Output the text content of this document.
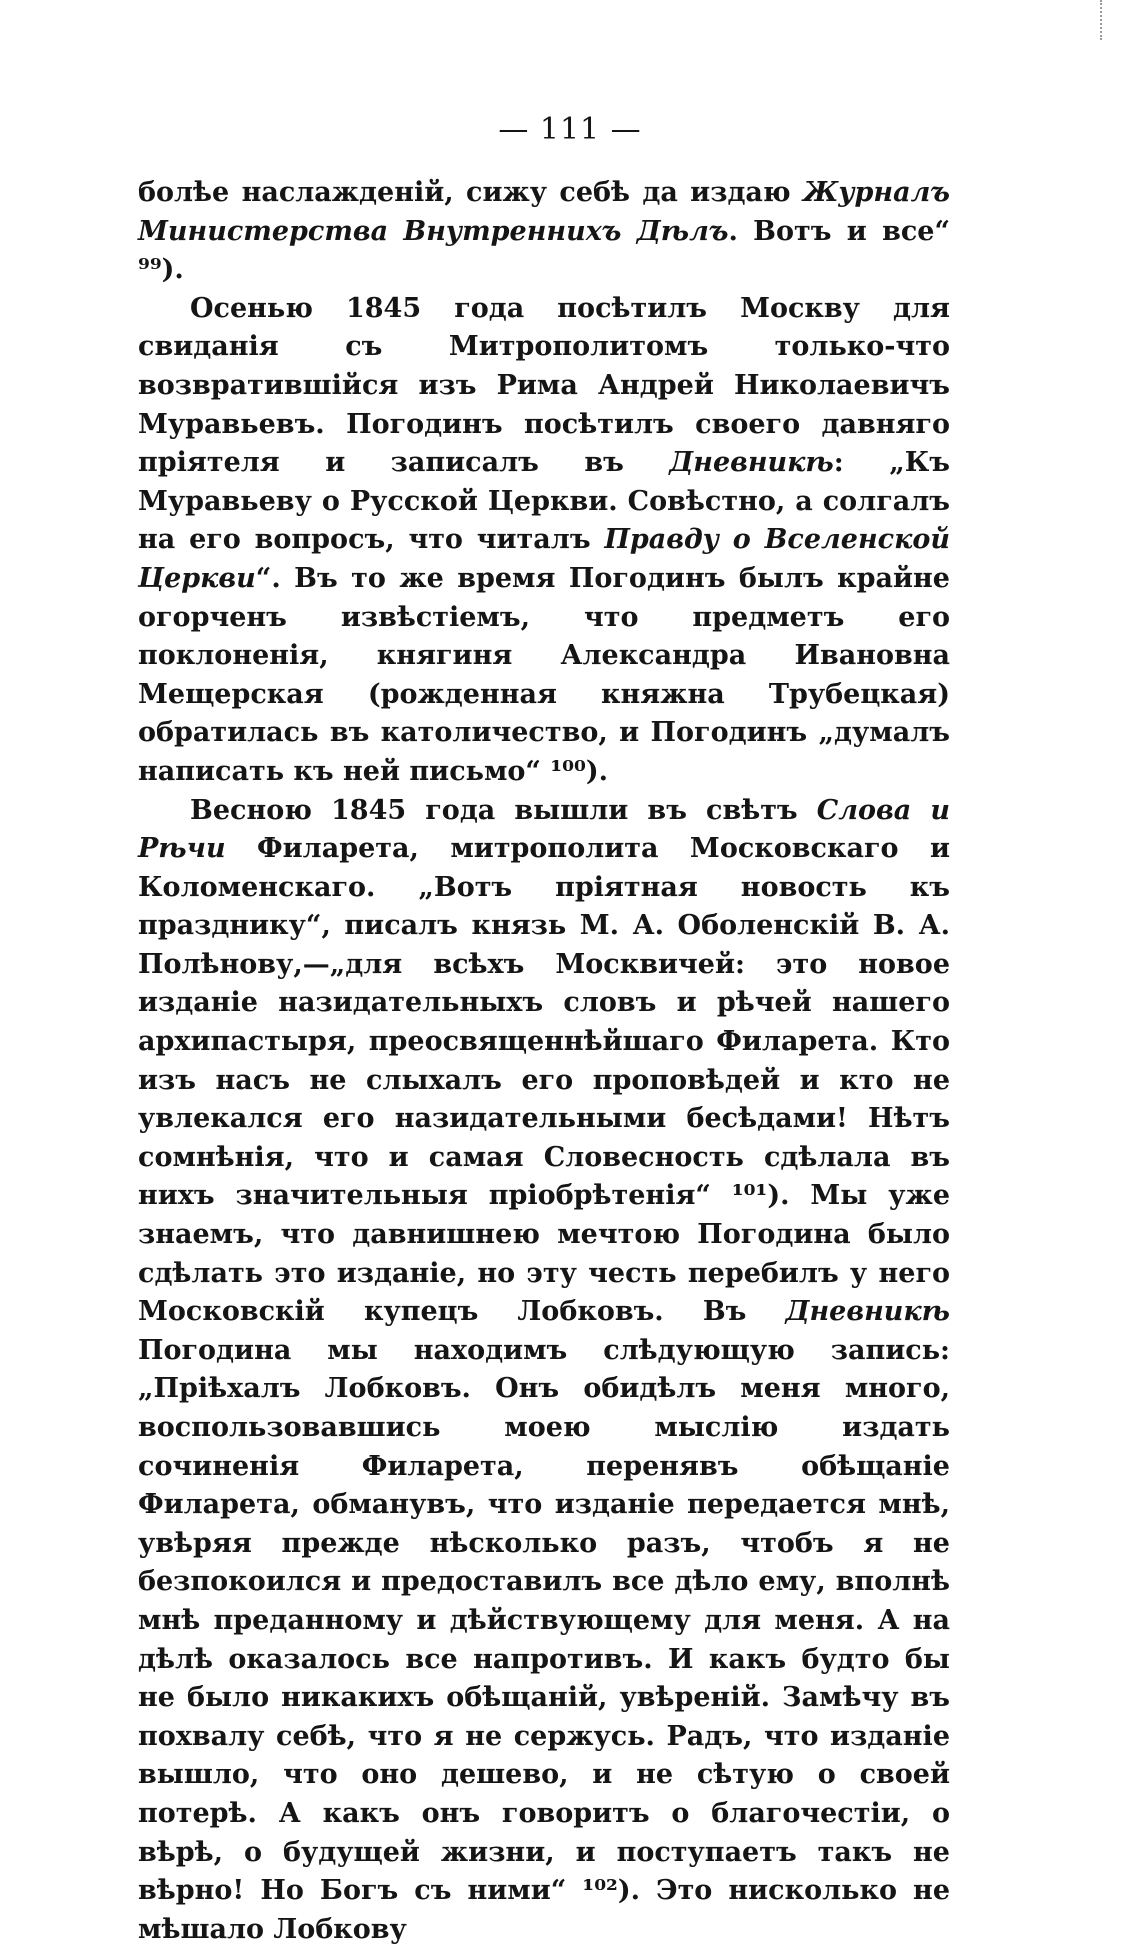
— 111 —

болѣе наслажденій, сижу себѣ да издаю Журналъ Министерства Внутреннихъ Дѣлъ. Вотъ и все“ ⁹⁹).

Осенью 1845 года посѣтилъ Москву для свиданія съ Митрополитомъ только-что возвратившійся изъ Рима Андрей Николаевичъ Муравьевъ. Погодинъ посѣтилъ своего давняго пріятеля и записалъ въ Дневникѣ: „Къ Муравьеву о Русской Церкви. Совѣстно, а солгалъ на его вопросъ, что читалъ Правду о Вселенской Церкви“. Въ то же время Погодинъ былъ крайне огорченъ извѣстіемъ, что предметъ его поклоненія, княгиня Александра Ивановна Мещерская (рожденная княжна Трубецкая) обратилась въ католичество, и Погодинъ „думалъ написать къ ней письмо“ ¹⁰⁰).

Весною 1845 года вышли въ свѣтъ Слова и Рѣчи Филарета, митрополита Московскаго и Коломенскаго. „Вотъ пріятная новость къ празднику“, писалъ князь М. А. Оболенскій В. А. Полѣнову,—„для всѣхъ Москвичей: это новое изданіе назидательныхъ словъ и рѣчей нашего архипастыря, преосвященнѣйшаго Филарета. Кто изъ насъ не слыхалъ его проповѣдей и кто не увлекался его назидательными бесѣдами! Нѣтъ сомнѣнія, что и самая Словесность сдѣлала въ нихъ значительныя пріобрѣтенія“ ¹⁰¹). Мы уже знаемъ, что давнишнею мечтою Погодина было сдѣлать это изданіе, но эту честь перебилъ у него Московскій купецъ Лобковъ. Въ Дневникѣ Погодина мы находимъ слѣдующую запись: „Пріѣхалъ Лобковъ. Онъ обидѣлъ меня много, воспользовавшись моею мыслію издать сочиненія Филарета, перенявъ обѣщаніе Филарета, обманувъ, что изданіе передается мнѣ, увѣряя прежде нѣсколько разъ, чтобъ я не безпокоился и предоставилъ все дѣло ему, вполнѣ мнѣ преданному и дѣйствующему для меня. А на дѣлѣ оказалось все напротивъ. И какъ будто бы не было никакихъ обѣщаній, увѣреній. Замѣчу въ похвалу себѣ, что я не сержусь. Радъ, что изданіе вышло, что оно дешево, и не сѣтую о своей потерѣ. А какъ онъ говоритъ о благочестіи, о вѣрѣ, о будущей жизни, и поступаетъ такъ не вѣрно! Но Богъ съ ними“ ¹⁰²). Это нисколько не мѣшало Лобкову
